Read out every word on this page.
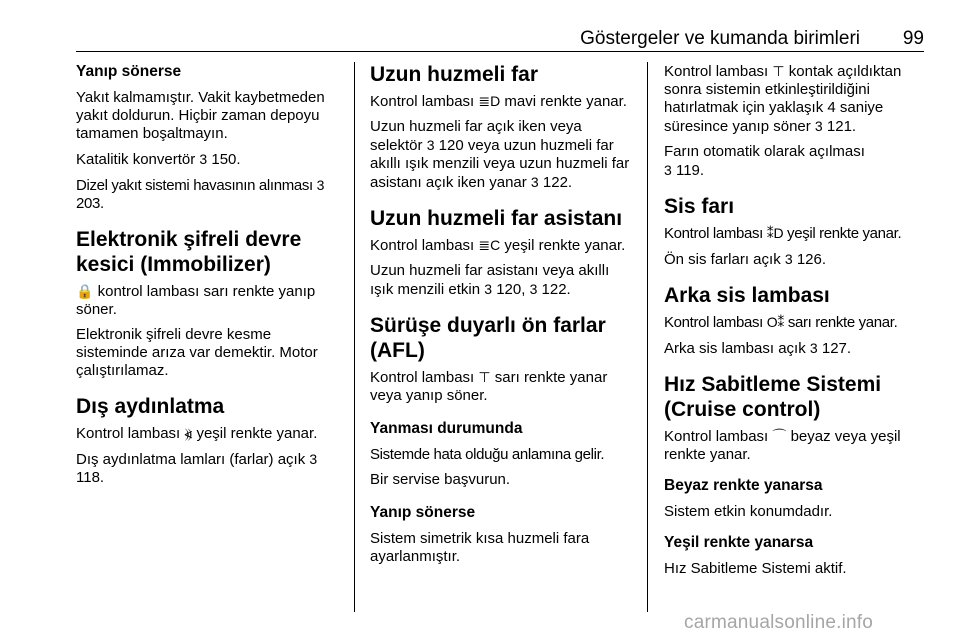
Göstergeler ve kumanda birimleri 99
Yanıp sönerse

Yakıt kalmamıştır. Vakit kaybetmeden yakıt doldurun. Hiçbir zaman depoyu tamamen boşaltmayın.

Katalitik konvertör 3 150.

Dizel yakıt sistemi havasının alınması 3 203.

Elektronik şifreli devre
kesici (Immobilizer)

🔒 kontrol lambası sarı renkte yanıp söner.

Elektronik şifreli devre kesme sisteminde arıza var demektir. Motor çalıştırılamaz.

Dış aydınlatma

Kontrol lambası ⦖ yeşil renkte yanar.

Dış aydınlatma lamları (farlar) açık 3 118.

Uzun huzmeli far

Kontrol lambası ≣D mavi renkte yanar.

Uzun huzmeli far açık iken veya selektör 3 120 veya uzun huzmeli far akıllı ışık menzili veya uzun huzmeli far asistanı açık iken yanar 3 122.

Uzun huzmeli far asistanı

Kontrol lambası ≣C yeşil renkte yanar.

Uzun huzmeli far asistanı veya akıllı ışık menzili etkin 3 120, 3 122.

Sürüşe duyarlı ön farlar
(AFL)

Kontrol lambası ⊤ sarı renkte yanar veya yanıp söner.

Yanması durumunda

Sistemde hata olduğu anlamına gelir.

Bir servise başvurun.

Yanıp sönerse

Sistem simetrik kısa huzmeli fara ayarlanmıştır.

Kontrol lambası ⊤ kontak açıldıktan sonra sistemin etkinleştirildiğini hatırlatmak için yaklaşık 4 saniye süresince yanıp söner 3 121.

Farın otomatik olarak açılması
3 119.

Sis farı

Kontrol lambası ⁑D yeşil renkte yanar.

Ön sis farları açık 3 126.

Arka sis lambası

Kontrol lambası O⁑ sarı renkte yanar.

Arka sis lambası açık 3 127.

Hız Sabitleme Sistemi
(Cruise control)

Kontrol lambası ⌒ beyaz veya yeşil renkte yanar.

Beyaz renkte yanarsa

Sistem etkin konumdadır.

Yeşil renkte yanarsa

Hız Sabitleme Sistemi aktif.

carmanualsonline.info
